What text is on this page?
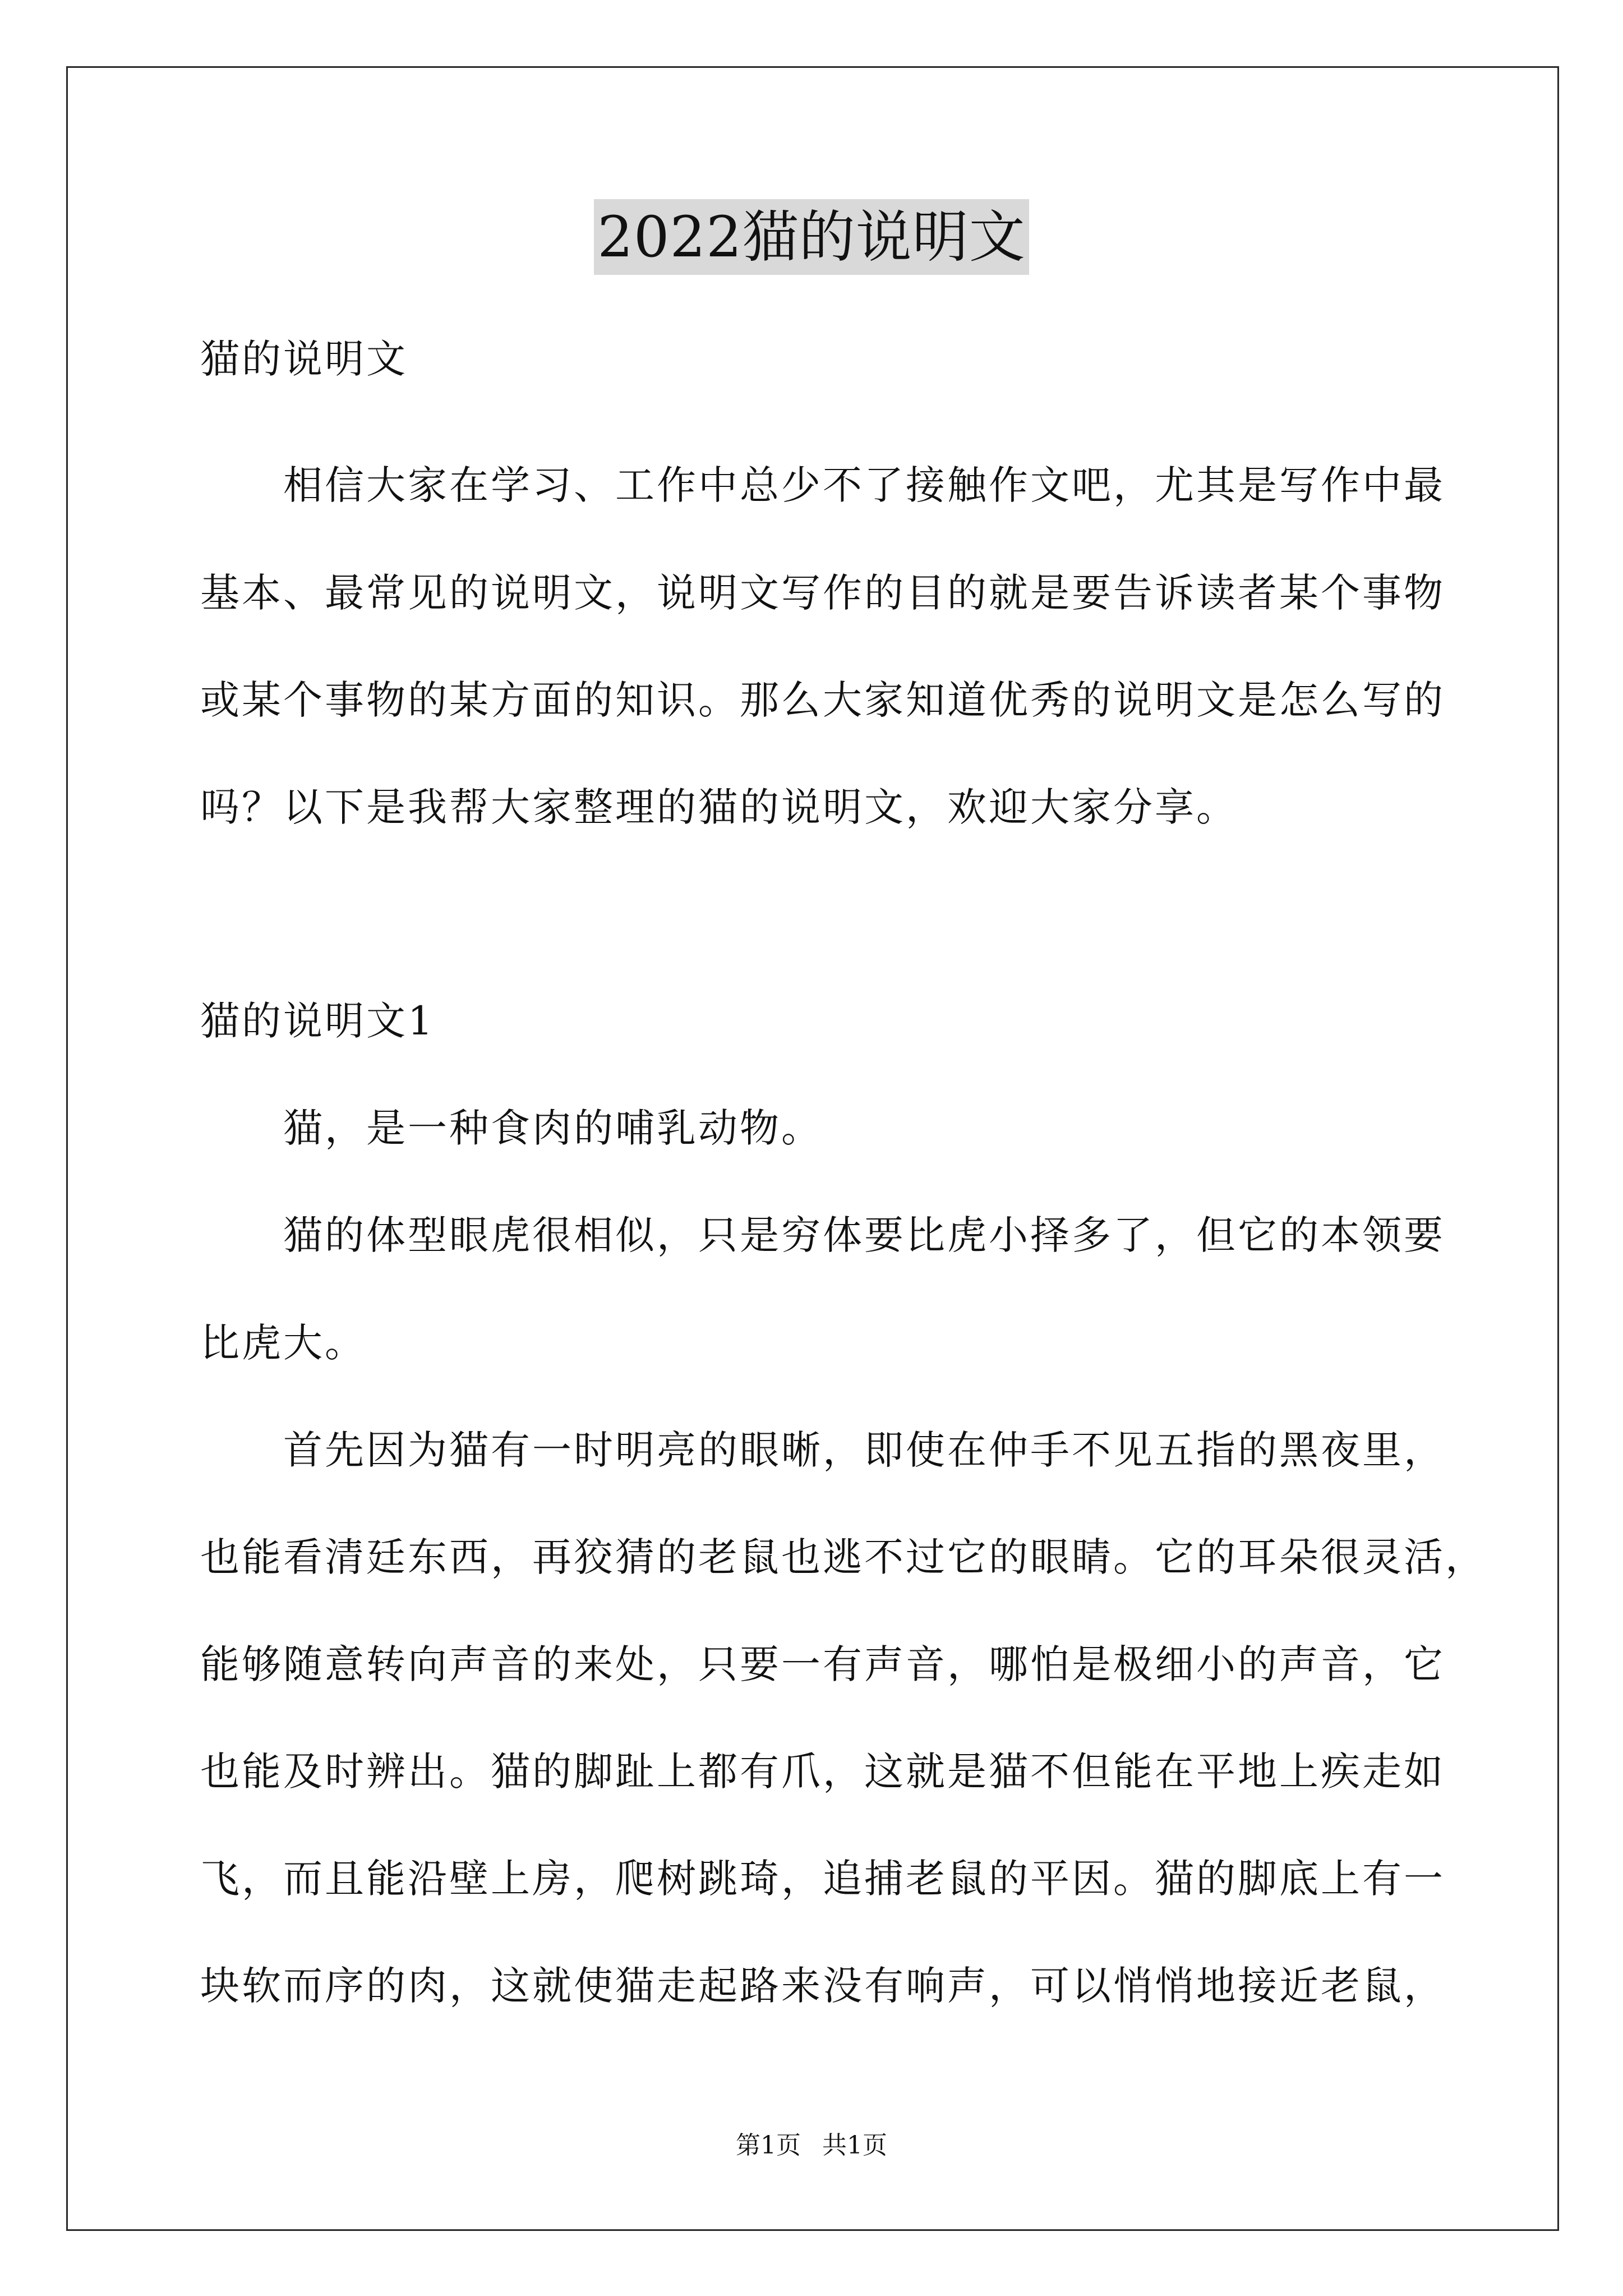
2022猫的说明文
猫的说明文
　　相信大家在学习、工作中总少不了接触作文吧，尤其是写作中最
基本、最常见的说明文，说明文写作的目的就是要告诉读者某个事物
或某个事物的某方面的知识。那么大家知道优秀的说明文是怎么写的
吗？以下是我帮大家整理的猫的说明文，欢迎大家分享。
猫的说明文1
　　猫，是一种食肉的哺乳动物。
　　猫的体型眼虎很相似，只是穷体要比虎小择多了，但它的本领要
比虎大。
　　首先因为猫有一时明亮的眼晰，即使在仲手不见五指的黑夜里，
也能看清廷东西，再狡猜的老鼠也逃不过它的眼睛。它的耳朵很灵活，
能够随意转向声音的来处，只要一有声音，哪怕是极细小的声音，它
也能及时辨出。猫的脚趾上都有爪，这就是猫不但能在平地上疾走如
飞，而且能沿壁上房，爬树跳琦，追捕老鼠的平因。猫的脚底上有一
块软而序的肉，这就使猫走起路来没有响声，可以悄悄地接近老鼠，
第1页 共1页
